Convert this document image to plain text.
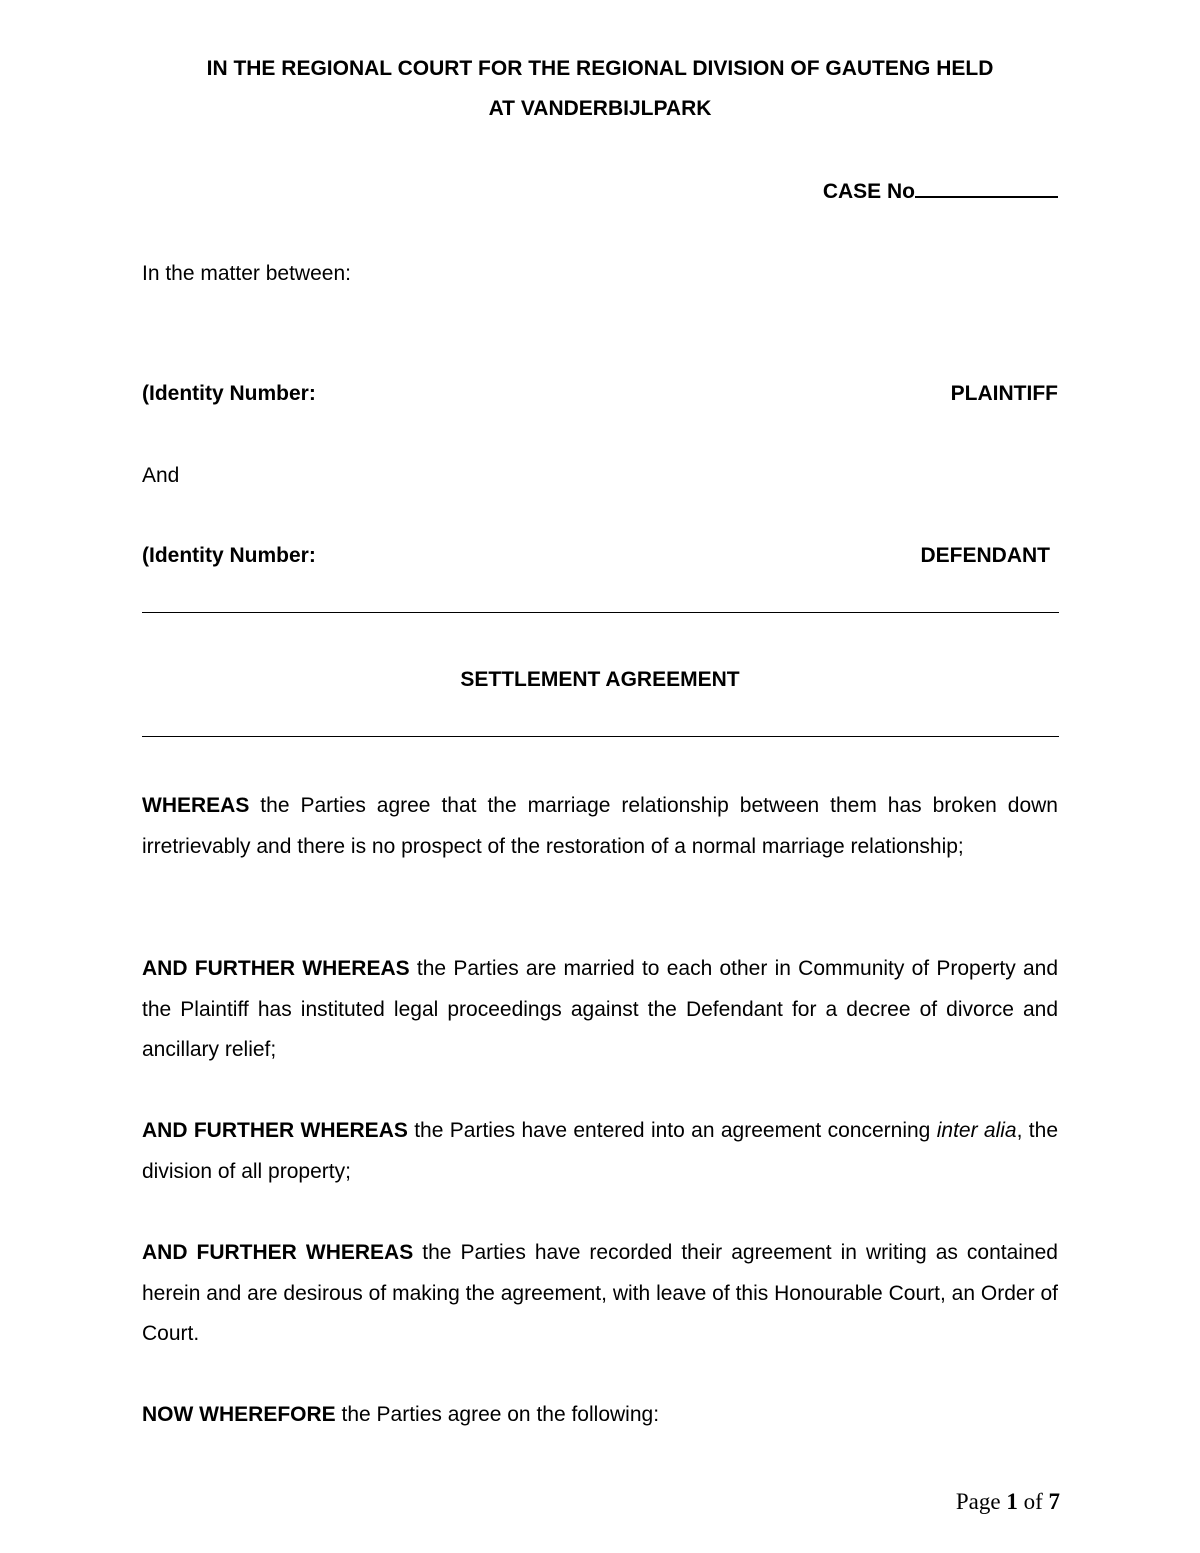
IN THE REGIONAL COURT FOR THE REGIONAL DIVISION OF GAUTENG HELD
AT VANDERBIJLPARK
CASE No
In the matter between:
(Identity Number:	PLAINTIFF
And
(Identity Number:	DEFENDANT
SETTLEMENT AGREEMENT

WHEREAS the Parties agree that the marriage relationship between them has broken down irretrievably and there is no prospect of the restoration of a normal marriage relationship;

AND FURTHER WHEREAS the Parties are married to each other in Community of Property and the Plaintiff has instituted legal proceedings against the Defendant for a decree of divorce and ancillary relief;

AND FURTHER WHEREAS the Parties have entered into an agreement concerning inter alia, the division of all property;

AND FURTHER WHEREAS the Parties have recorded their agreement in writing as contained herein and are desirous of making the agreement, with leave of this Honourable Court, an Order of Court.

NOW WHEREFORE the Parties agree on the following:

Page 1 of 7
